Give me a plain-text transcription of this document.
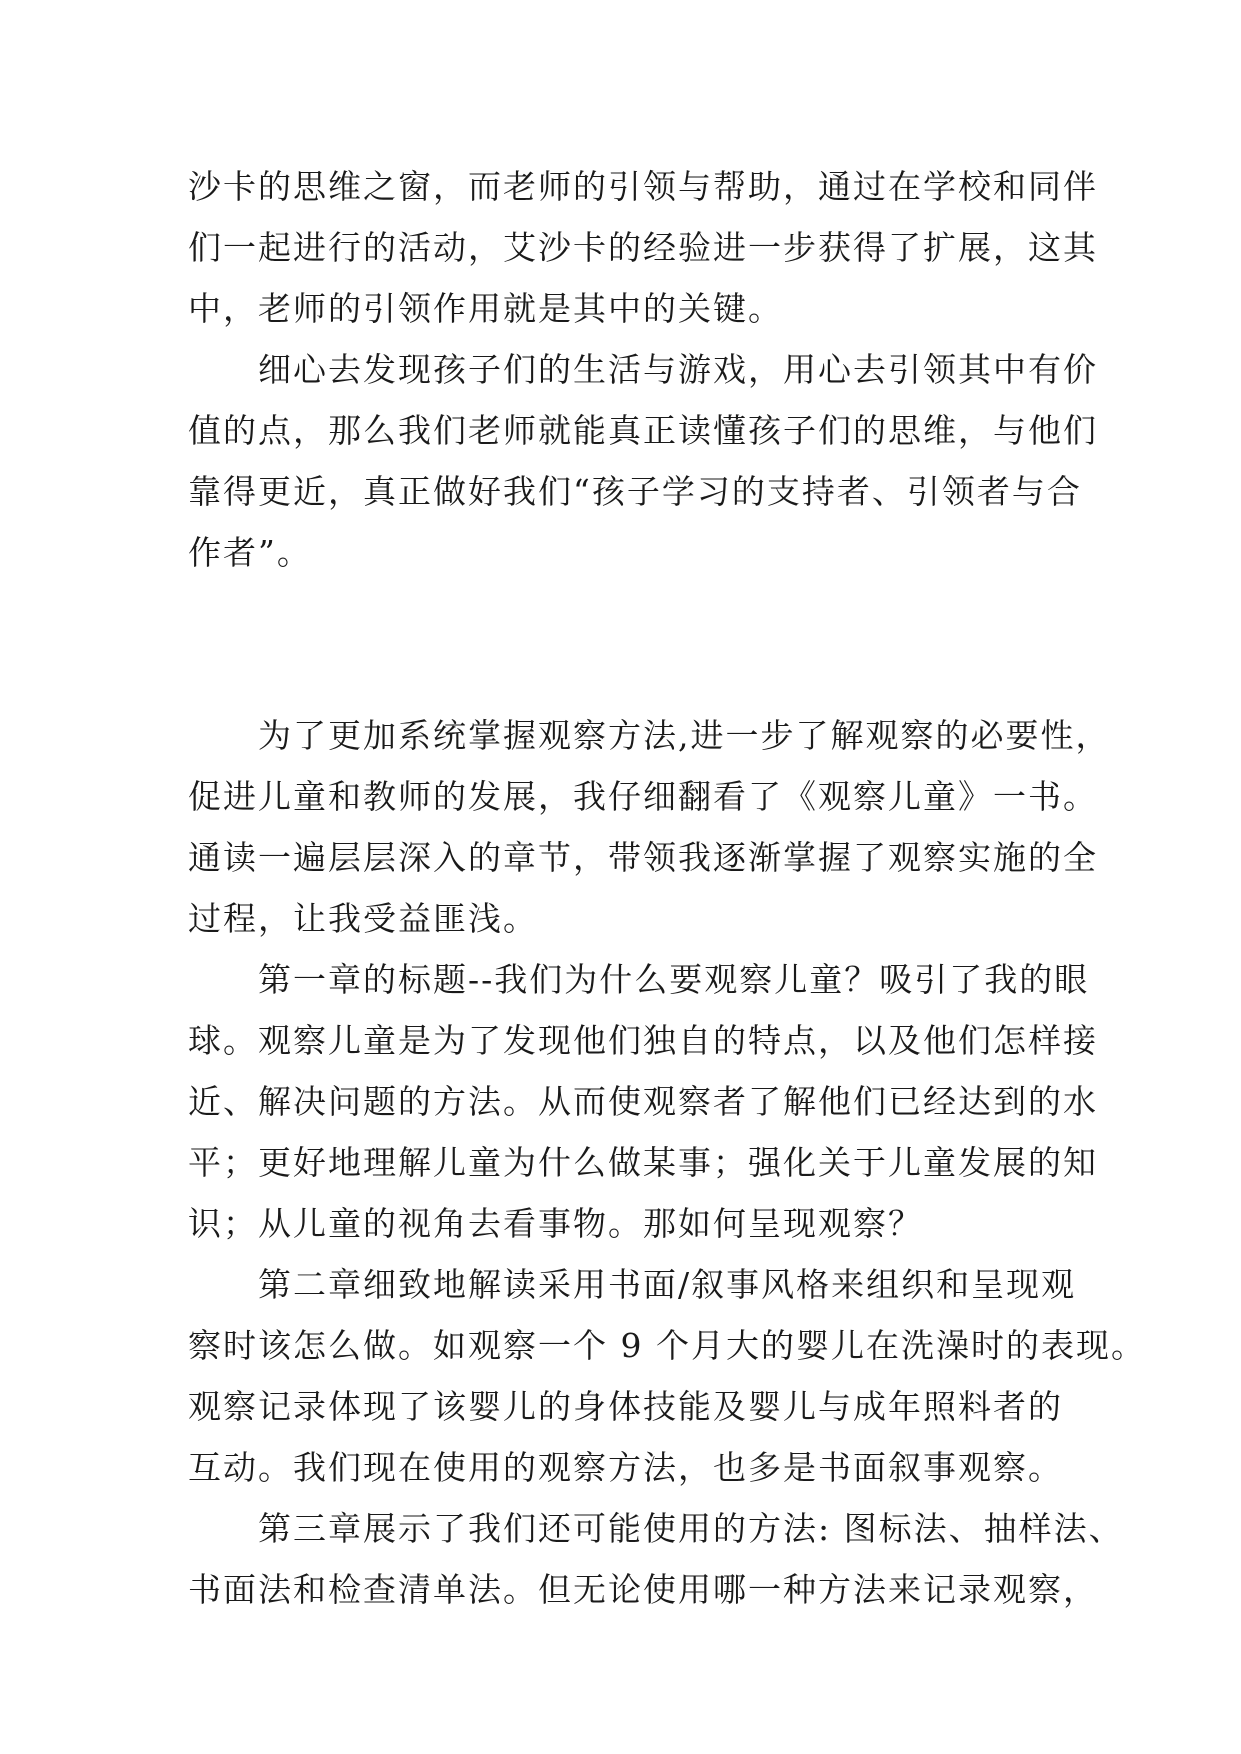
沙卡的思维之窗，而老师的引领与帮助，通过在学校和同伴
们一起进行的活动，艾沙卡的经验进一步获得了扩展，这其
中，老师的引领作用就是其中的关键。
细心去发现孩子们的生活与游戏，用心去引领其中有价
值的点，那么我们老师就能真正读懂孩子们的思维，与他们
靠得更近，真正做好我们“孩子学习的支持者、引领者与合
作者”。
为了更加系统掌握观察方法,进一步了解观察的必要性，
促进儿童和教师的发展，我仔细翻看了《观察儿童》一书。
通读一遍层层深入的章节，带领我逐渐掌握了观察实施的全
过程，让我受益匪浅。
第一章的标题--我们为什么要观察儿童？吸引了我的眼
球。观察儿童是为了发现他们独自的特点，以及他们怎样接
近、解决问题的方法。从而使观察者了解他们已经达到的水
平；更好地理解儿童为什么做某事；强化关于儿童发展的知
识；从儿童的视角去看事物。那如何呈现观察？
第二章细致地解读采用书面/叙事风格来组织和呈现观
察时该怎么做。如观察一个 9 个月大的婴儿在洗澡时的表现。
观察记录体现了该婴儿的身体技能及婴儿与成年照料者的
互动。我们现在使用的观察方法，也多是书面叙事观察。
第三章展示了我们还可能使用的方法: 图标法、抽样法、
书面法和检查清单法。但无论使用哪一种方法来记录观察，
